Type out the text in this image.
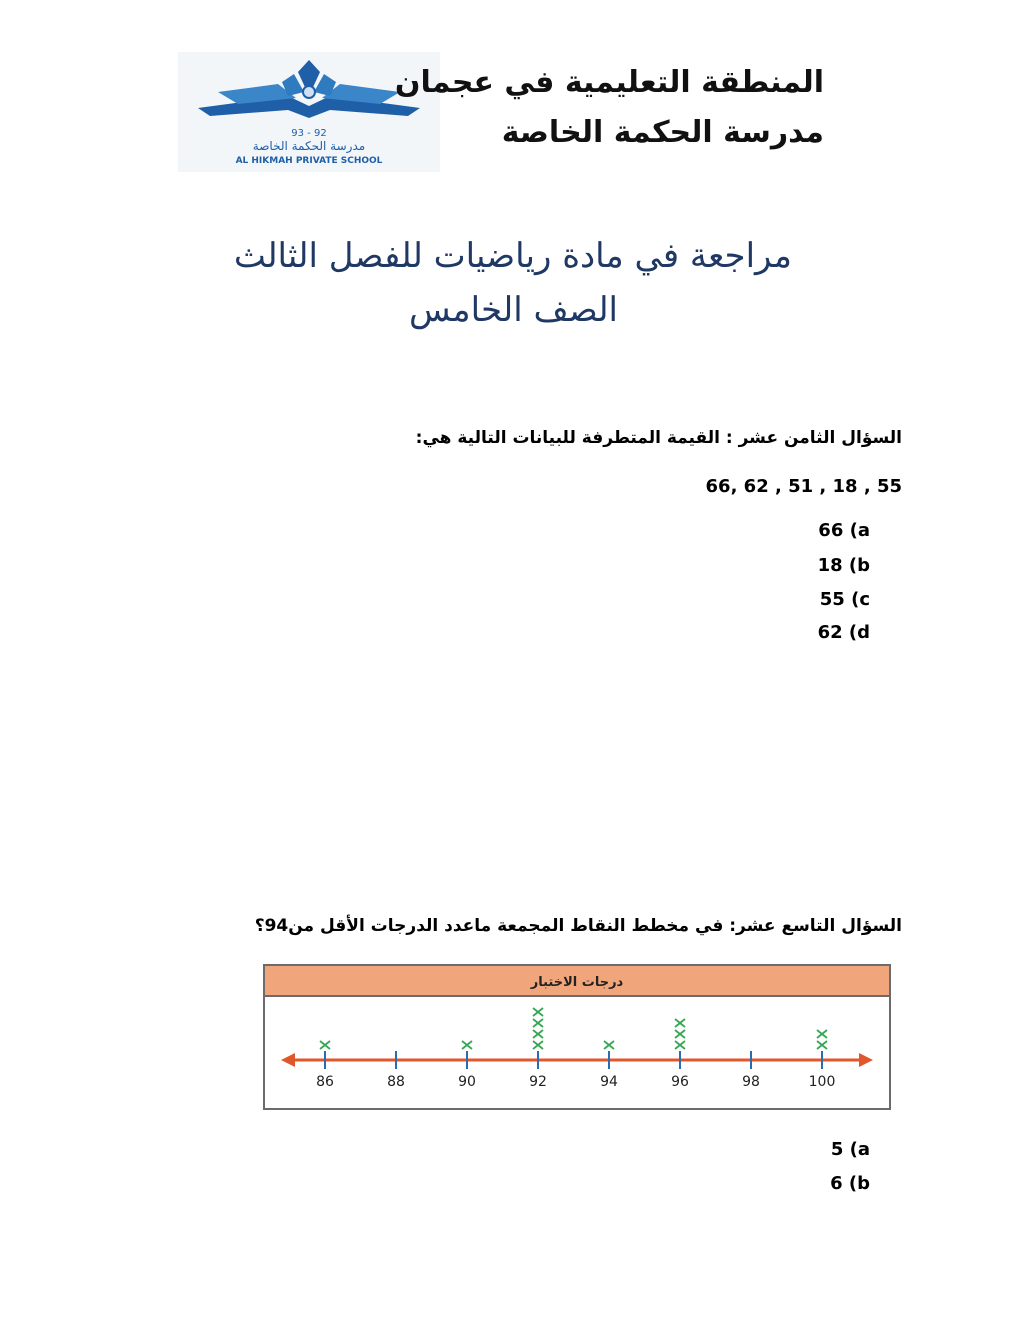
93 - 92
مدرسة الحكمة الخاصة
AL HIKMAH PRIVATE SCHOOL
المنطقة التعليمية في عجمان
مدرسة الحكمة الخاصة
مراجعة في مادة رياضيات للفصل الثالث
الصف الخامس
السؤال الثامن عشر : القيمة المتطرفة للبيانات التالية هي:
66, 62 , 51 , 18 , 55
66 (a
18 (b
55 (c
62 (d
السؤال التاسع عشر: في مخطط النقاط المجمعة ماعدد الدرجات الأقل من94؟
درجات الاختبار
86	88	90	92	94	96	98	100
5 (a
6 (b
